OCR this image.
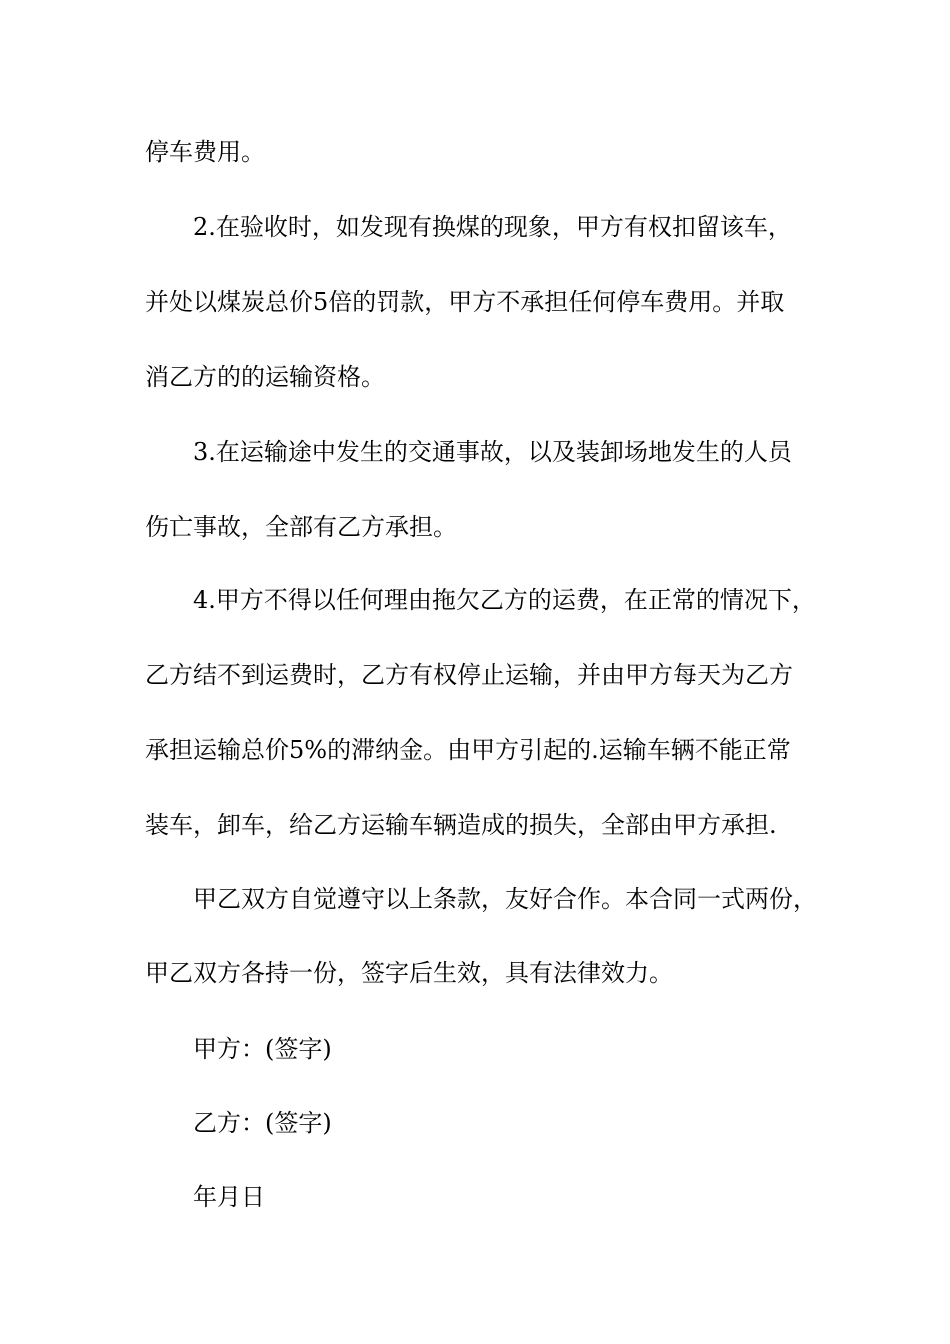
停车费用。
2.在验收时，如发现有换煤的现象，甲方有权扣留该车，
并处以煤炭总价5倍的罚款，甲方不承担任何停车费用。并取
消乙方的的运输资格。
3.在运输途中发生的交通事故，以及装卸场地发生的人员
伤亡事故，全部有乙方承担。
4.甲方不得以任何理由拖欠乙方的运费，在正常的情况下，
乙方结不到运费时，乙方有权停止运输，并由甲方每天为乙方
承担运输总价5%的滞纳金。由甲方引起的.运输车辆不能正常
装车，卸车，给乙方运输车辆造成的损失，全部由甲方承担.
甲乙双方自觉遵守以上条款，友好合作。本合同一式两份，
甲乙双方各持一份，签字后生效，具有法律效力。
甲方：(签字)
乙方：(签字)
年月日
